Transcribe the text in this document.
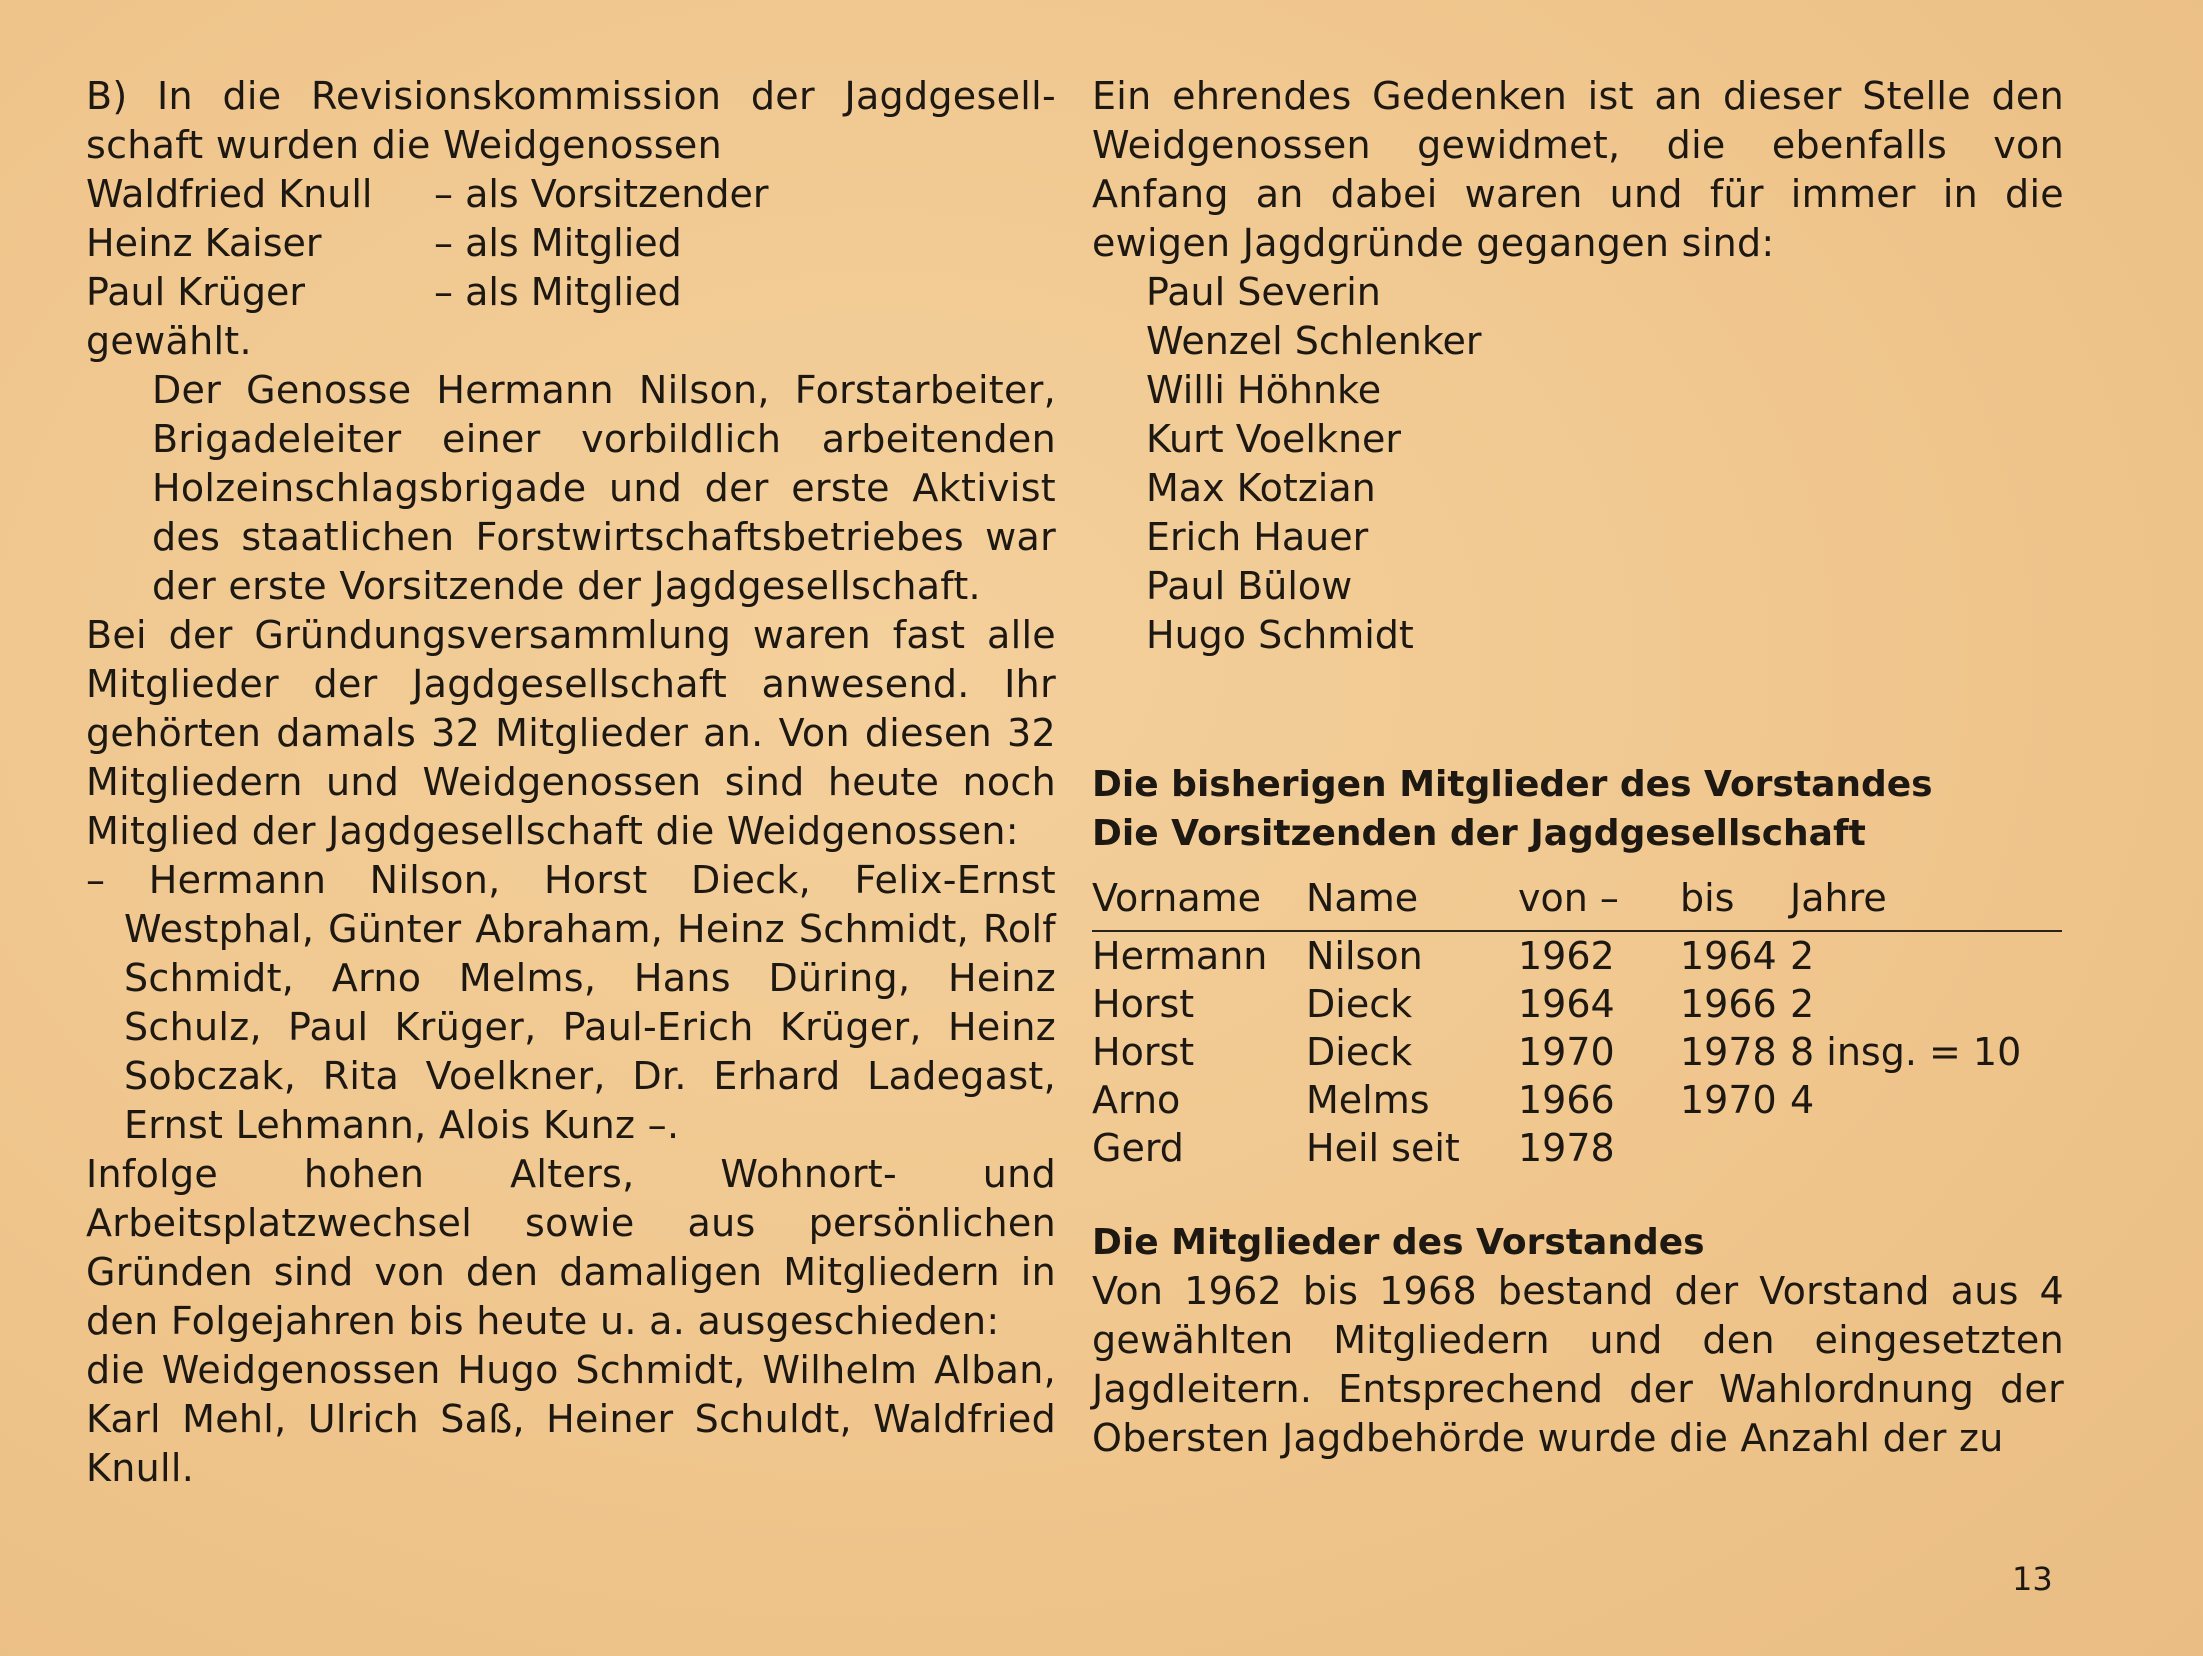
B) In die Revisionskommission der Jagdgesell-
schaft wurden die Weidgenossen

Waldfried Knull	– als Vorsitzender
Heinz Kaiser	– als Mitglied
Paul Krüger	– als Mitglied

gewählt.

Der Genosse Hermann Nilson, Forstarbeiter, Brigadeleiter einer vorbildlich arbeitenden Holzeinschlagsbrigade und der erste Aktivist des staatlichen Forstwirtschaftsbetriebes war der erste Vorsitzende der Jagdgesellschaft.

Bei der Gründungsversammlung waren fast alle Mitglieder der Jagdgesellschaft anwesend. Ihr gehörten damals 32 Mitglieder an. Von diesen 32 Mitgliedern und Weidgenossen sind heute noch Mitglied der Jagdgesellschaft die Weidgenossen:

– Hermann Nilson, Horst Dieck, Felix-Ernst Westphal, Günter Abraham, Heinz Schmidt, Rolf Schmidt, Arno Melms, Hans Düring, Heinz Schulz, Paul Krüger, Paul-Erich Krüger, Heinz Sobczak, Rita Voelkner, Dr. Erhard Ladegast, Ernst Lehmann, Alois Kunz –.

Infolge hohen Alters, Wohnort- und Arbeitsplatzwechsel sowie aus persönlichen Gründen sind von den damaligen Mitgliedern in den Folgejahren bis heute u. a. ausgeschieden:

die Weidgenossen Hugo Schmidt, Wilhelm Alban, Karl Mehl, Ulrich Saß, Heiner Schuldt, Waldfried Knull.

Ein ehrendes Gedenken ist an dieser Stelle den Weidgenossen gewidmet, die ebenfalls von Anfang an dabei waren und für immer in die ewigen Jagdgründe gegangen sind:

Paul Severin
Wenzel Schlenker
Willi Höhnke
Kurt Voelkner
Max Kotzian
Erich Hauer
Paul Bülow
Hugo Schmidt

Die bisherigen Mitglieder des Vorstandes

Die Vorsitzenden der Jagdgesellschaft

Vorname	Name	von –	bis	Jahre
Hermann	Nilson	1962	1964	2
Horst	Dieck	1964	1966	2
Horst	Dieck	1970	1978	8 insg. = 10
Arno	Melms	1966	1970	4
Gerd	Heil seit	1978		

Die Mitglieder des Vorstandes

Von 1962 bis 1968 bestand der Vorstand aus 4 gewählten Mitgliedern und den eingesetzten Jagdleitern. Entsprechend der Wahlordnung der Obersten Jagdbehörde wurde die Anzahl der zu

13
